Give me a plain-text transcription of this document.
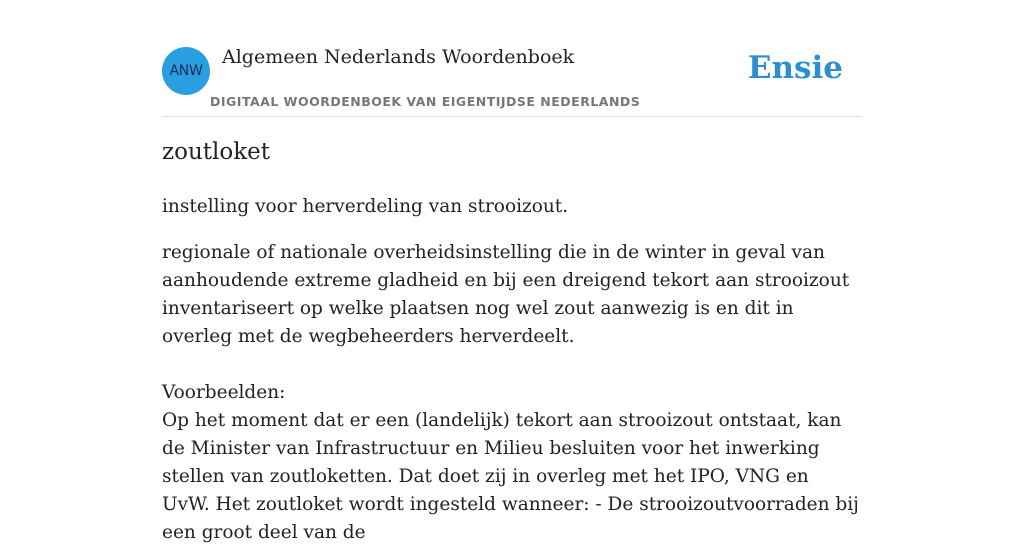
ANW
Algemeen Nederlands Woordenboek
DIGITAAL WOORDENBOEK VAN EIGENTIJDSE NEDERLANDS
Ensie
zoutloket

instelling voor herverdeling van strooizout.

regionale of nationale overheidsinstelling die in de winter in geval van aanhoudende extreme gladheid en bij een dreigend tekort aan strooizout inventariseert op welke plaatsen nog wel zout aanwezig is en dit in overleg met de wegbeheerders herverdeelt.

Voorbeelden:
Op het moment dat er een (landelijk) tekort aan strooizout ontstaat, kan de Minister van Infrastructuur en Milieu besluiten voor het inwerking stellen van zoutloketten. Dat doet zij in overleg met het IPO, VNG en UvW. Het zoutloket wordt ingesteld wanneer: - De strooizoutvoorraden bij een groot deel van de
